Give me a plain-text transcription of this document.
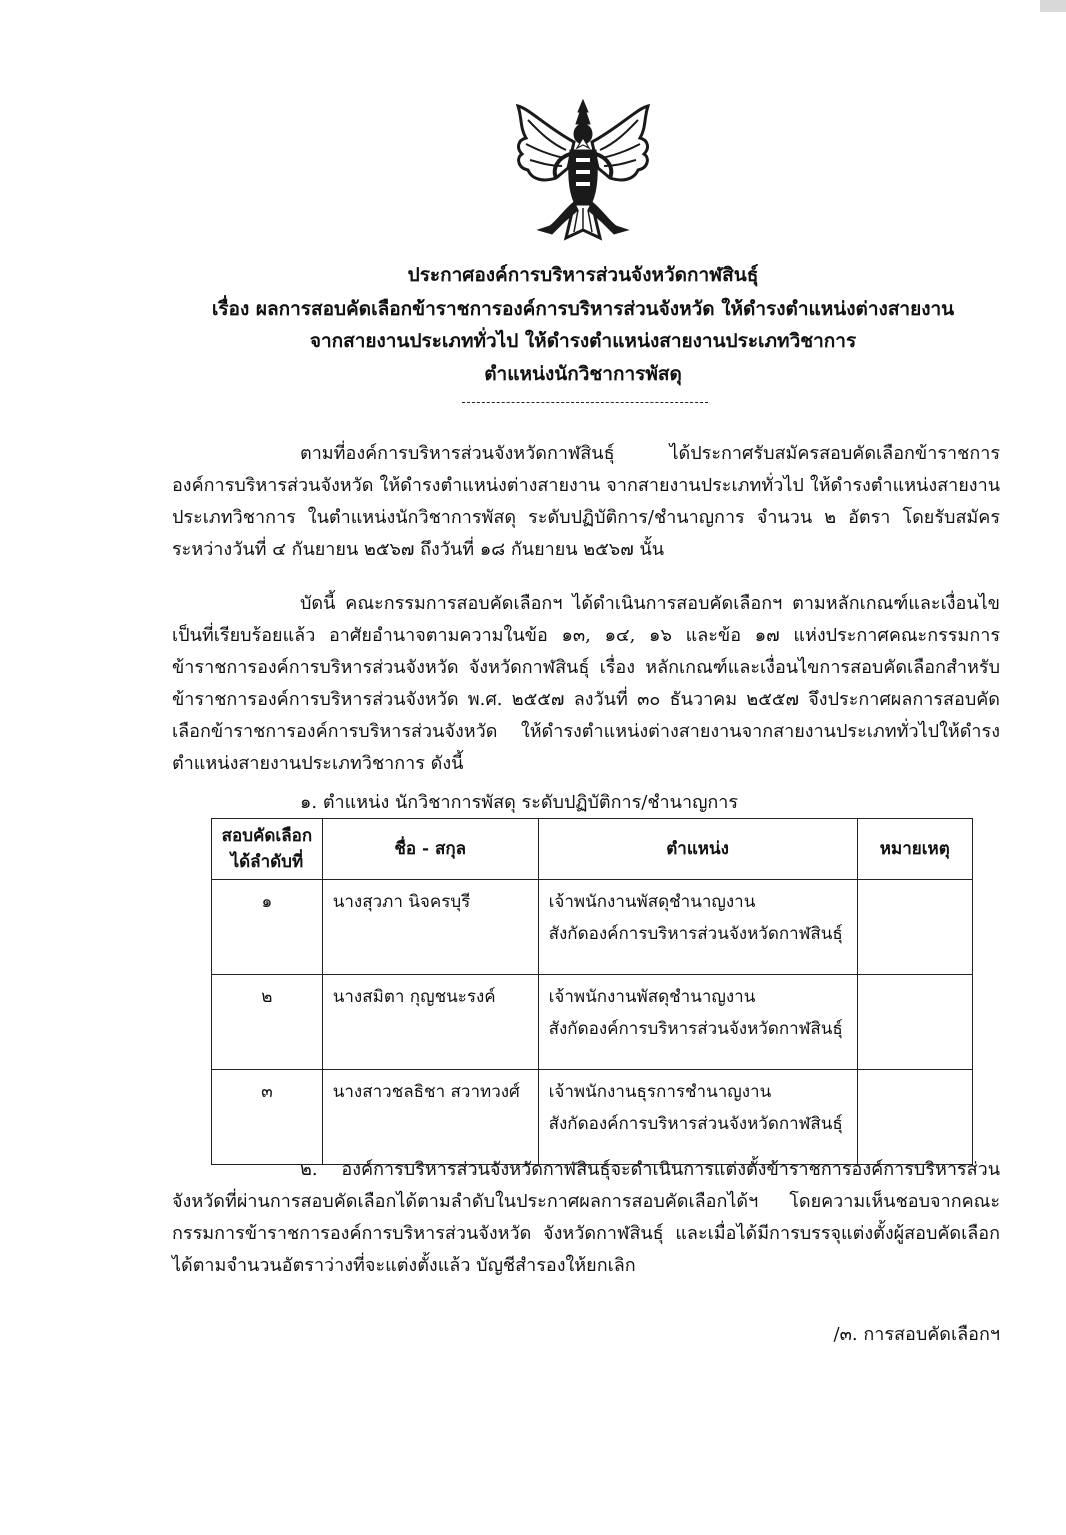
ประกาศองค์การบริหารส่วนจังหวัดกาฬสินธุ์
เรื่อง ผลการสอบคัดเลือกข้าราชการองค์การบริหารส่วนจังหวัด ให้ดำรงตำแหน่งต่างสายงาน
จากสายงานประเภททั่วไป ให้ดำรงตำแหน่งสายงานประเภทวิชาการ
ตำแหน่งนักวิชาการพัสดุ

ตามที่องค์การบริหารส่วนจังหวัดกาฬสินธุ์ ได้ประกาศรับสมัครสอบคัดเลือกข้าราชการองค์การบริหารส่วนจังหวัด ให้ดำรงตำแหน่งต่างสายงาน จากสายงานประเภททั่วไป ให้ดำรงตำแหน่งสายงานประเภทวิชาการ ในตำแหน่งนักวิชาการพัสดุ ระดับปฏิบัติการ/ชำนาญการ จำนวน ๒ อัตรา โดยรับสมัครระหว่างวันที่ ๔ กันยายน ๒๕๖๗ ถึงวันที่ ๑๘ กันยายน ๒๕๖๗ นั้น

บัดนี้ คณะกรรมการสอบคัดเลือกฯ ได้ดำเนินการสอบคัดเลือกฯ ตามหลักเกณฑ์และเงื่อนไขเป็นที่เรียบร้อยแล้ว อาศัยอำนาจตามความในข้อ ๑๓, ๑๔, ๑๖ และข้อ ๑๗ แห่งประกาศคณะกรรมการข้าราชการองค์การบริหารส่วนจังหวัด จังหวัดกาฬสินธุ์ เรื่อง หลักเกณฑ์และเงื่อนไขการสอบคัดเลือกสำหรับข้าราชการองค์การบริหารส่วนจังหวัด พ.ศ. ๒๕๕๗ ลงวันที่ ๓๐ ธันวาคม ๒๕๕๗ จึงประกาศผลการสอบคัดเลือกข้าราชการองค์การบริหารส่วนจังหวัด ให้ดำรงตำแหน่งต่างสายงานจากสายงานประเภททั่วไปให้ดำรงตำแหน่งสายงานประเภทวิชาการ ดังนี้

๑. ตำแหน่ง นักวิชาการพัสดุ ระดับปฏิบัติการ/ชำนาญการ
สอบคัดเลือก
ได้ลำดับที่	ชื่อ - สกุล	ตำแหน่ง	หมายเหตุ
๑	นางสุวภา นิจครบุรี	เจ้าพนักงานพัสดุชำนาญงาน
สังกัดองค์การบริหารส่วนจังหวัดกาฬสินธุ์	
๒	นางสมิตา กุญชนะรงค์	เจ้าพนักงานพัสดุชำนาญงาน
สังกัดองค์การบริหารส่วนจังหวัดกาฬสินธุ์	
๓	นางสาวชลธิชา สวาทวงศ์	เจ้าพนักงานธุรการชำนาญงาน
สังกัดองค์การบริหารส่วนจังหวัดกาฬสินธุ์	

๒. องค์การบริหารส่วนจังหวัดกาฬสินธุ์จะดำเนินการแต่งตั้งข้าราชการองค์การบริหารส่วนจังหวัดที่ผ่านการสอบคัดเลือกได้ตามลำดับในประกาศผลการสอบคัดเลือกได้ฯ โดยความเห็นชอบจากคณะกรรมการข้าราชการองค์การบริหารส่วนจังหวัด จังหวัดกาฬสินธุ์ และเมื่อได้มีการบรรจุแต่งตั้งผู้สอบคัดเลือกได้ตามจำนวนอัตราว่างที่จะแต่งตั้งแล้ว บัญชีสำรองให้ยกเลิก

/๓. การสอบคัดเลือกฯ
